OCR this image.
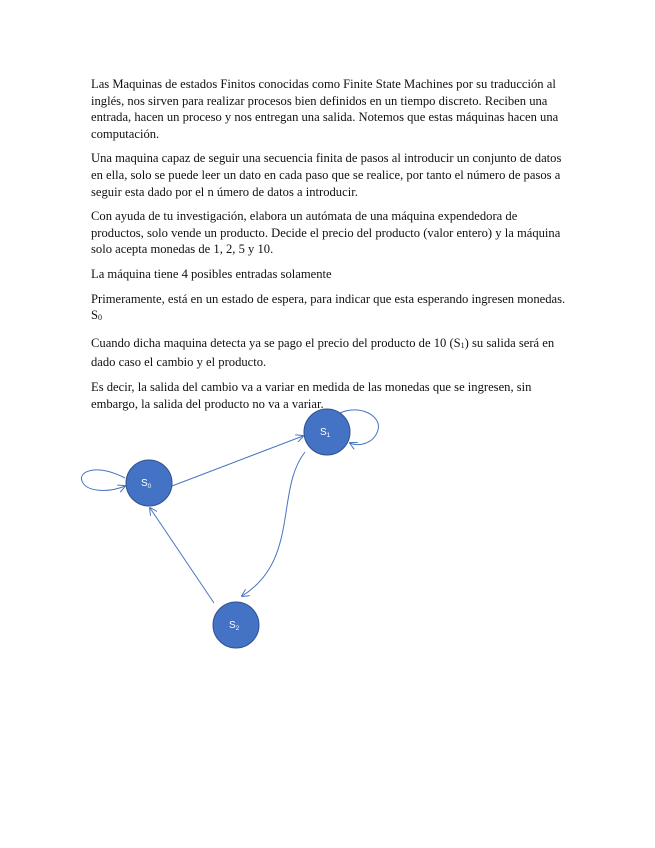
Las Maquinas de estados Finitos conocidas como Finite State Machines por su traducción al inglés, nos sirven para realizar procesos bien definidos en un tiempo discreto. Reciben una entrada, hacen un proceso y nos entregan una salida. Notemos que estas máquinas hacen una computación.

Una maquina capaz de seguir una secuencia finita de pasos al introducir un conjunto de datos en ella, solo se puede leer un dato en cada paso que se realice, por tanto el número de pasos a seguir esta dado por el n úmero de datos a introducir.

Con ayuda de tu investigación, elabora un autómata de una máquina expendedora de productos, solo vende un producto. Decide el precio del producto (valor entero) y la máquina solo acepta monedas de 1, 2, 5 y 10.

La máquina tiene 4 posibles entradas solamente

Primeramente, está en un estado de espera, para indicar que esta esperando ingresen monedas. S0

Cuando dicha maquina detecta ya se pago el precio del producto de 10 (S1) su salida será en dado caso el cambio y el producto.

Es decir, la salida del cambio va a variar en medida de las monedas que se ingresen, sin embargo, la salida del producto no va a variar.

$S_0$
$S_1$
$S_2$
